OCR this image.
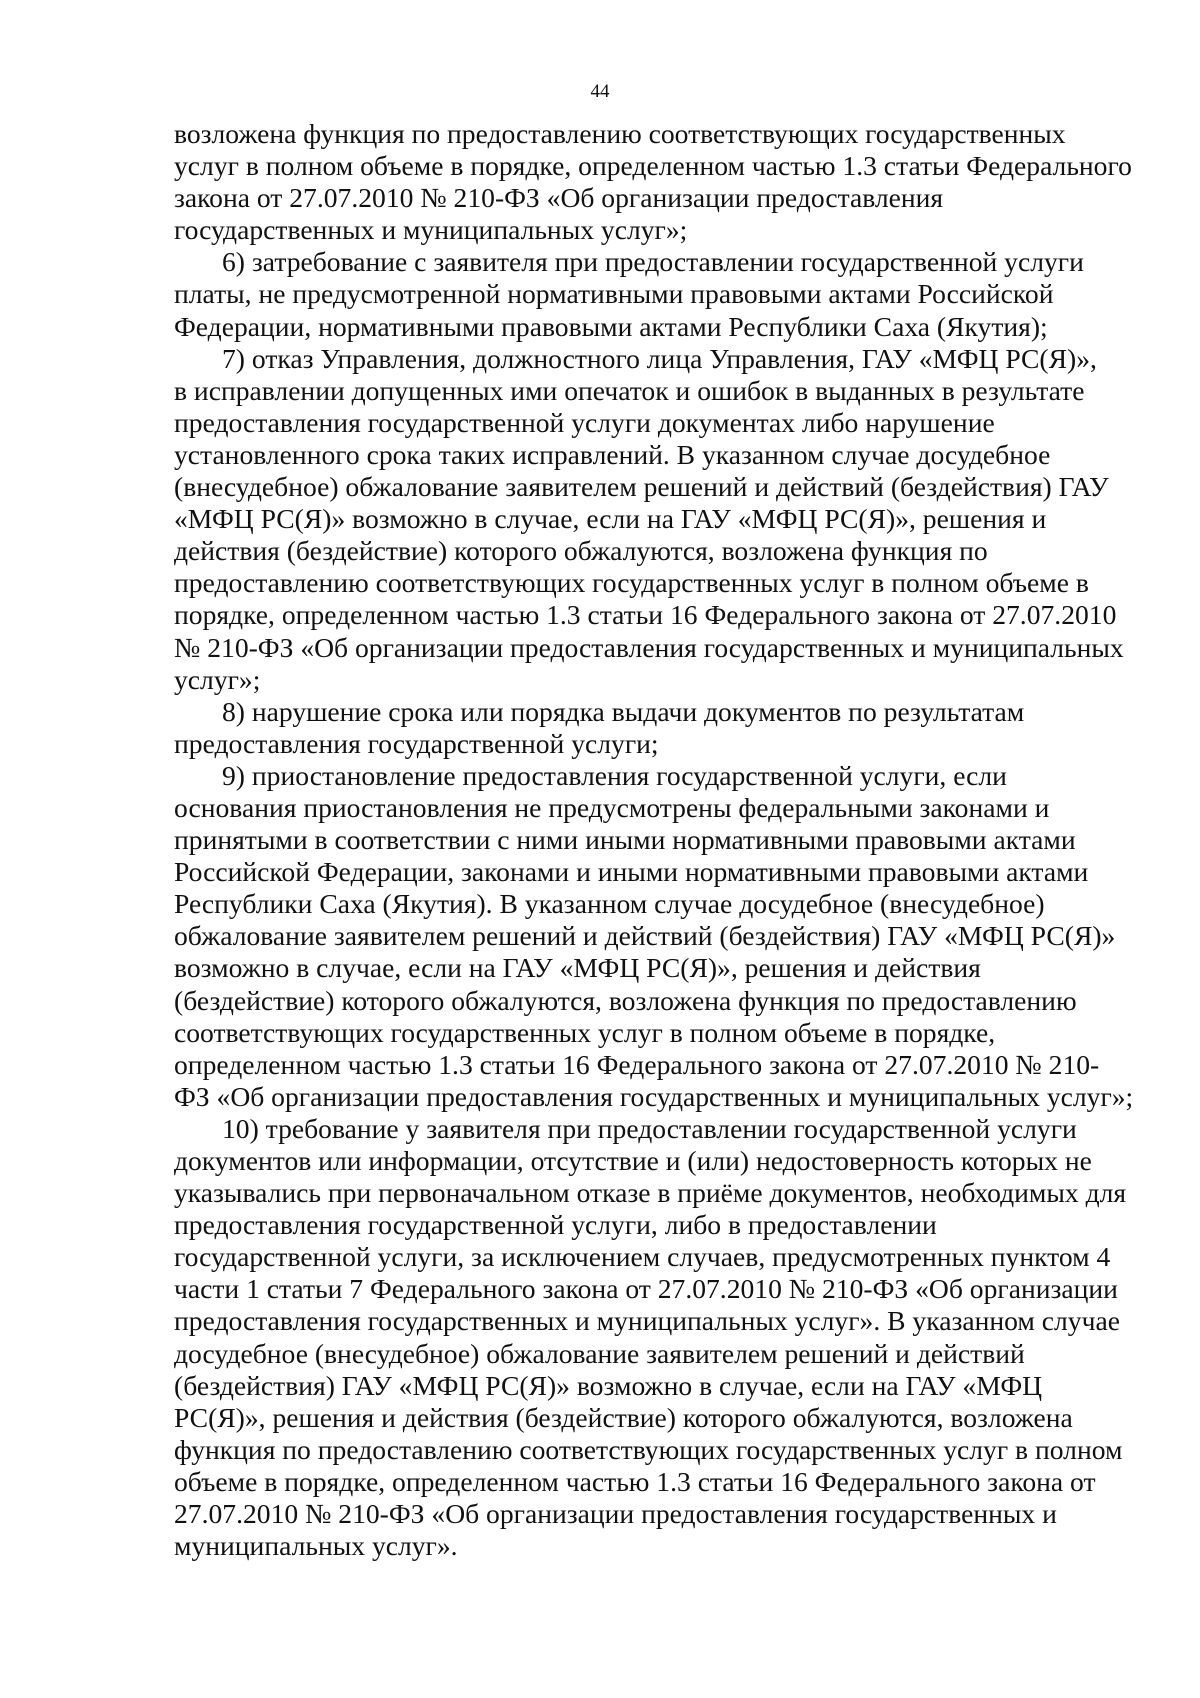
44

возложена функция по предоставлению соответствующих государственных
услуг в полном объеме в порядке, определенном частью 1.3 статьи Федерального
закона от 27.07.2010 № 210-ФЗ «Об организации предоставления
государственных и муниципальных услуг»;

6) затребование с заявителя при предоставлении государственной услуги
платы, не предусмотренной нормативными правовыми актами Российской
Федерации, нормативными правовыми актами Республики Саха (Якутия);

7) отказ Управления, должностного лица Управления, ГАУ «МФЦ РС(Я)»,
в исправлении допущенных ими опечаток и ошибок в выданных в результате
предоставления государственной услуги документах либо нарушение
установленного срока таких исправлений. В указанном случае досудебное
(внесудебное) обжалование заявителем решений и действий (бездействия) ГАУ
«МФЦ РС(Я)» возможно в случае, если на ГАУ «МФЦ РС(Я)», решения и
действия (бездействие) которого обжалуются, возложена функция по
предоставлению соответствующих государственных услуг в полном объеме в
порядке, определенном частью 1.3 статьи 16 Федерального закона от 27.07.2010
№ 210-ФЗ «Об организации предоставления государственных и муниципальных
услуг»;

8) нарушение срока или порядка выдачи документов по результатам
предоставления государственной услуги;

9) приостановление предоставления государственной услуги, если
основания приостановления не предусмотрены федеральными законами и
принятыми в соответствии с ними иными нормативными правовыми актами
Российской Федерации, законами и иными нормативными правовыми актами
Республики Саха (Якутия). В указанном случае досудебное (внесудебное)
обжалование заявителем решений и действий (бездействия) ГАУ «МФЦ РС(Я)»
возможно в случае, если на ГАУ «МФЦ РС(Я)», решения и действия
(бездействие) которого обжалуются, возложена функция по предоставлению
соответствующих государственных услуг в полном объеме в порядке,
определенном частью 1.3 статьи 16 Федерального закона от 27.07.2010 № 210-
ФЗ «Об организации предоставления государственных и муниципальных услуг»;

10) требование у заявителя при предоставлении государственной услуги
документов или информации, отсутствие и (или) недостоверность которых не
указывались при первоначальном отказе в приёме документов, необходимых для
предоставления государственной услуги, либо в предоставлении
государственной услуги, за исключением случаев, предусмотренных пунктом 4
части 1 статьи 7 Федерального закона от 27.07.2010 № 210-ФЗ «Об организации
предоставления государственных и муниципальных услуг». В указанном случае
досудебное (внесудебное) обжалование заявителем решений и действий
(бездействия) ГАУ «МФЦ РС(Я)» возможно в случае, если на ГАУ «МФЦ
РС(Я)», решения и действия (бездействие) которого обжалуются, возложена
функция по предоставлению соответствующих государственных услуг в полном
объеме в порядке, определенном частью 1.3 статьи 16 Федерального закона от
27.07.2010 № 210-ФЗ «Об организации предоставления государственных и
муниципальных услуг».
